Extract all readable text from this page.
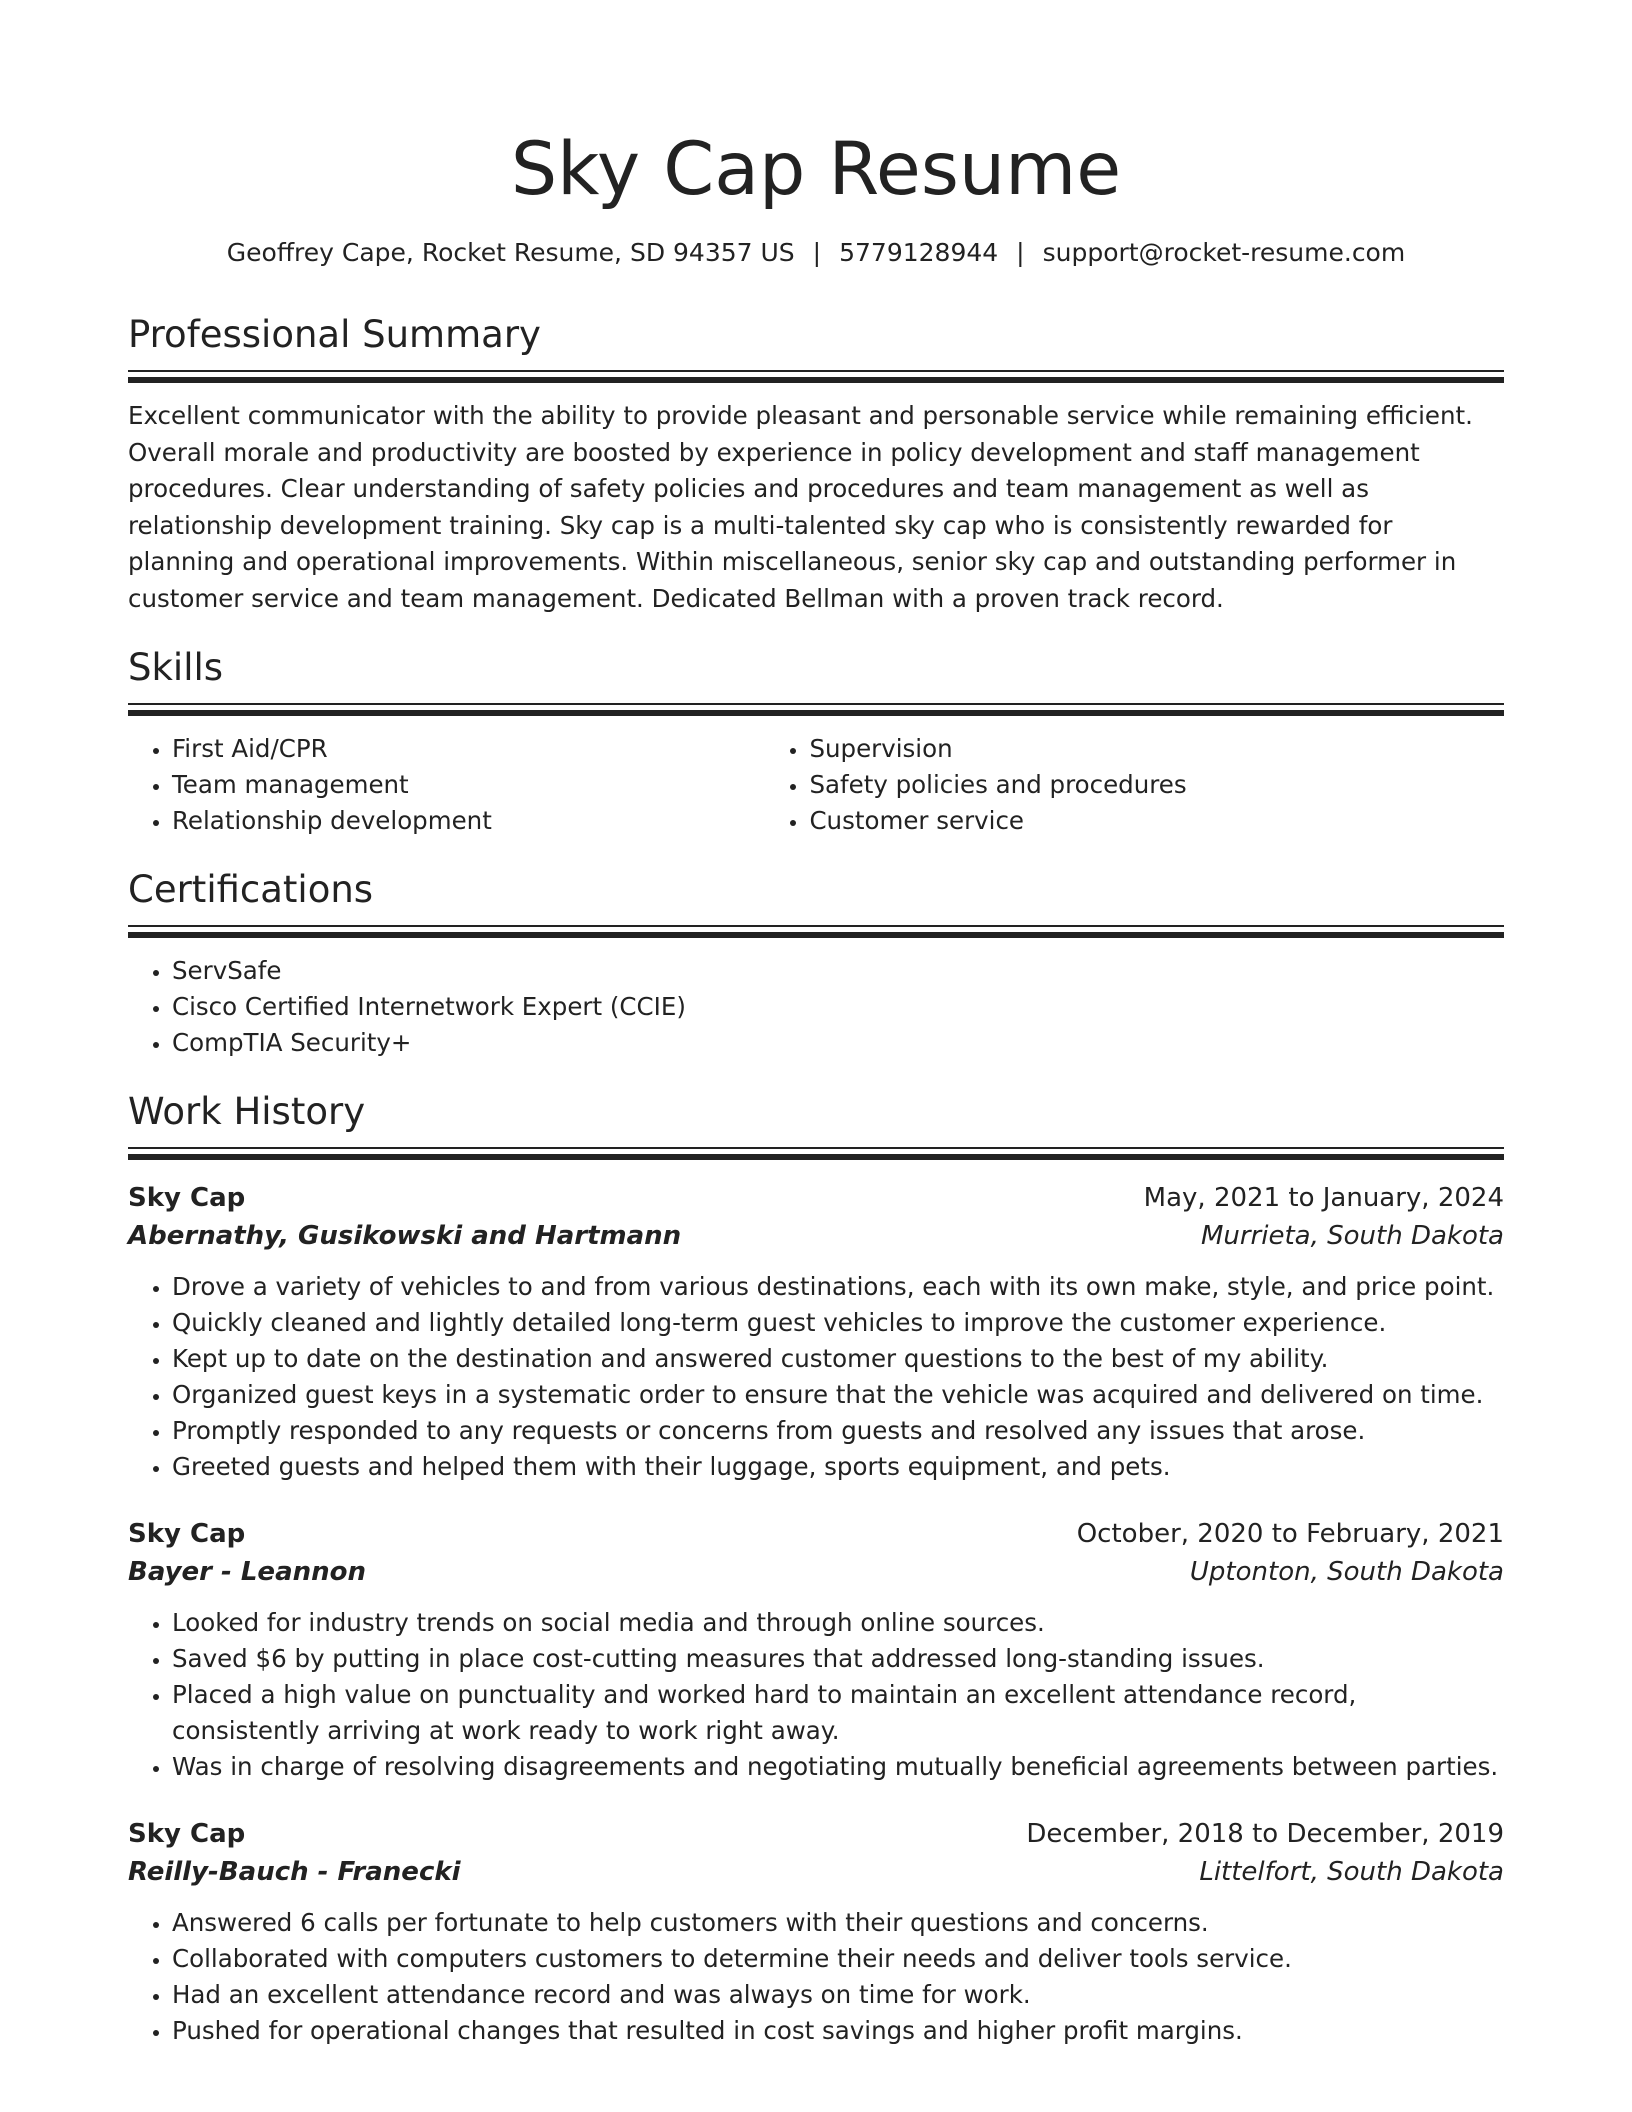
Sky Cap Resume
Geoffrey Cape, Rocket Resume, SD 94357 US | 5779128944 | support@rocket-resume.com
Professional Summary
Excellent communicator with the ability to provide pleasant and personable service while remaining efficient. Overall morale and productivity are boosted by experience in policy development and staff management procedures. Clear understanding of safety policies and procedures and team management as well as relationship development training. Sky cap is a multi-talented sky cap who is consistently rewarded for planning and operational improvements. Within miscellaneous, senior sky cap and outstanding performer in customer service and team management. Dedicated Bellman with a proven track record.
Skills
• First Aid/CPR
• Team management
• Relationship development
• Supervision
• Safety policies and procedures
• Customer service
Certifications
• ServSafe
• Cisco Certified Internetwork Expert (CCIE)
• CompTIA Security+
Work History
Sky Cap	May, 2021 to January, 2024
Abernathy, Gusikowski and Hartmann	Murrieta, South Dakota
• Drove a variety of vehicles to and from various destinations, each with its own make, style, and price point.
• Quickly cleaned and lightly detailed long-term guest vehicles to improve the customer experience.
• Kept up to date on the destination and answered customer questions to the best of my ability.
• Organized guest keys in a systematic order to ensure that the vehicle was acquired and delivered on time.
• Promptly responded to any requests or concerns from guests and resolved any issues that arose.
• Greeted guests and helped them with their luggage, sports equipment, and pets.
Sky Cap	October, 2020 to February, 2021
Bayer - Leannon	Uptonton, South Dakota
• Looked for industry trends on social media and through online sources.
• Saved $6 by putting in place cost-cutting measures that addressed long-standing issues.
• Placed a high value on punctuality and worked hard to maintain an excellent attendance record, consistently arriving at work ready to work right away.
• Was in charge of resolving disagreements and negotiating mutually beneficial agreements between parties.
Sky Cap	December, 2018 to December, 2019
Reilly-Bauch - Franecki	Littelfort, South Dakota
• Answered 6 calls per fortunate to help customers with their questions and concerns.
• Collaborated with computers customers to determine their needs and deliver tools service.
• Had an excellent attendance record and was always on time for work.
• Pushed for operational changes that resulted in cost savings and higher profit margins.
